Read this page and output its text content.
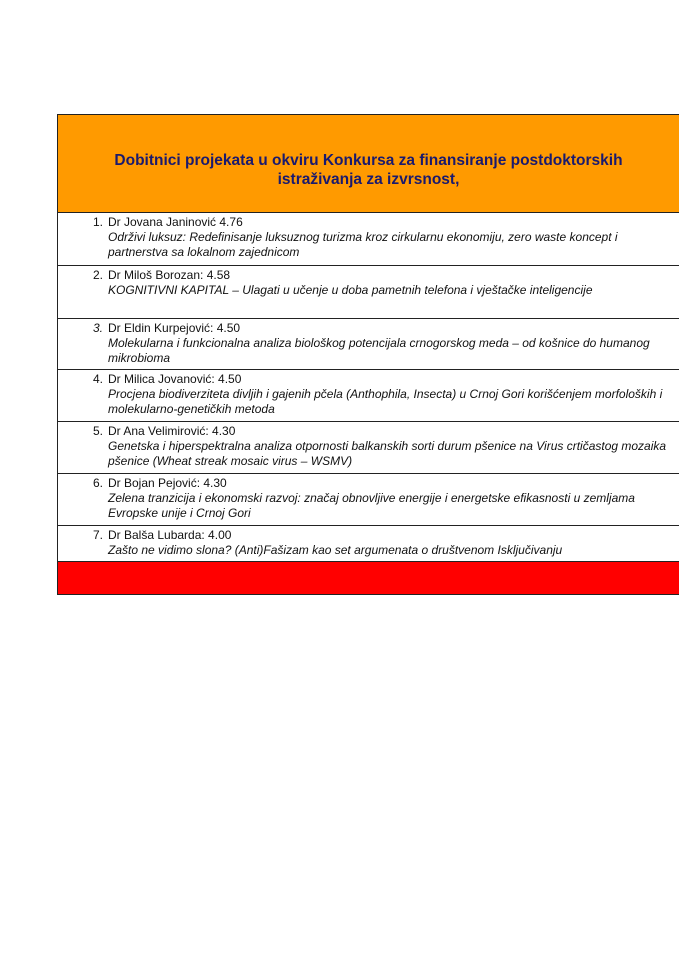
Dobitnici projekata u okviru Konkursa za finansiranje postdoktorskih istraživanja za izvrsnost,
1. Dr Jovana Janinović 4.76
Održivi luksuz: Redefinisanje luksuznog turizma kroz cirkularnu ekonomiju, zero waste koncept i partnerstva sa lokalnom zajednicom
2. Dr Miloš Borozan: 4.58
KOGNITIVNI KAPITAL – Ulagati u učenje u doba pametnih telefona i vještačke inteligencije
3. Dr Eldin Kurpejović: 4.50
Molekularna i funkcionalna analiza biološkog potencijala crnogorskog meda – od košnice do humanog mikrobioma
4. Dr Milica Jovanović: 4.50
Procjena biodiverziteta divljih i gajenih pčela (Anthophila, Insecta) u Crnoj Gori korišćenjem morfoloških i molekularno-genetičkih metoda
5. Dr Ana Velimirović: 4.30
Genetska i hiperspektralna analiza otpornosti balkanskih sorti durum pšenice na Virus crtičastog mozaika pšenice (Wheat streak mosaic virus – WSMV)
6. Dr Bojan Pejović: 4.30
Zelena tranzicija i ekonomski razvoj: značaj obnovljive energije i energetske efikasnosti u zemljama Evropske unije i Crnoj Gori
7. Dr Balša Lubarda: 4.00
Zašto ne vidimo slona? (Anti)Fašizam kao set argumenata o društvenom Isključivanju
